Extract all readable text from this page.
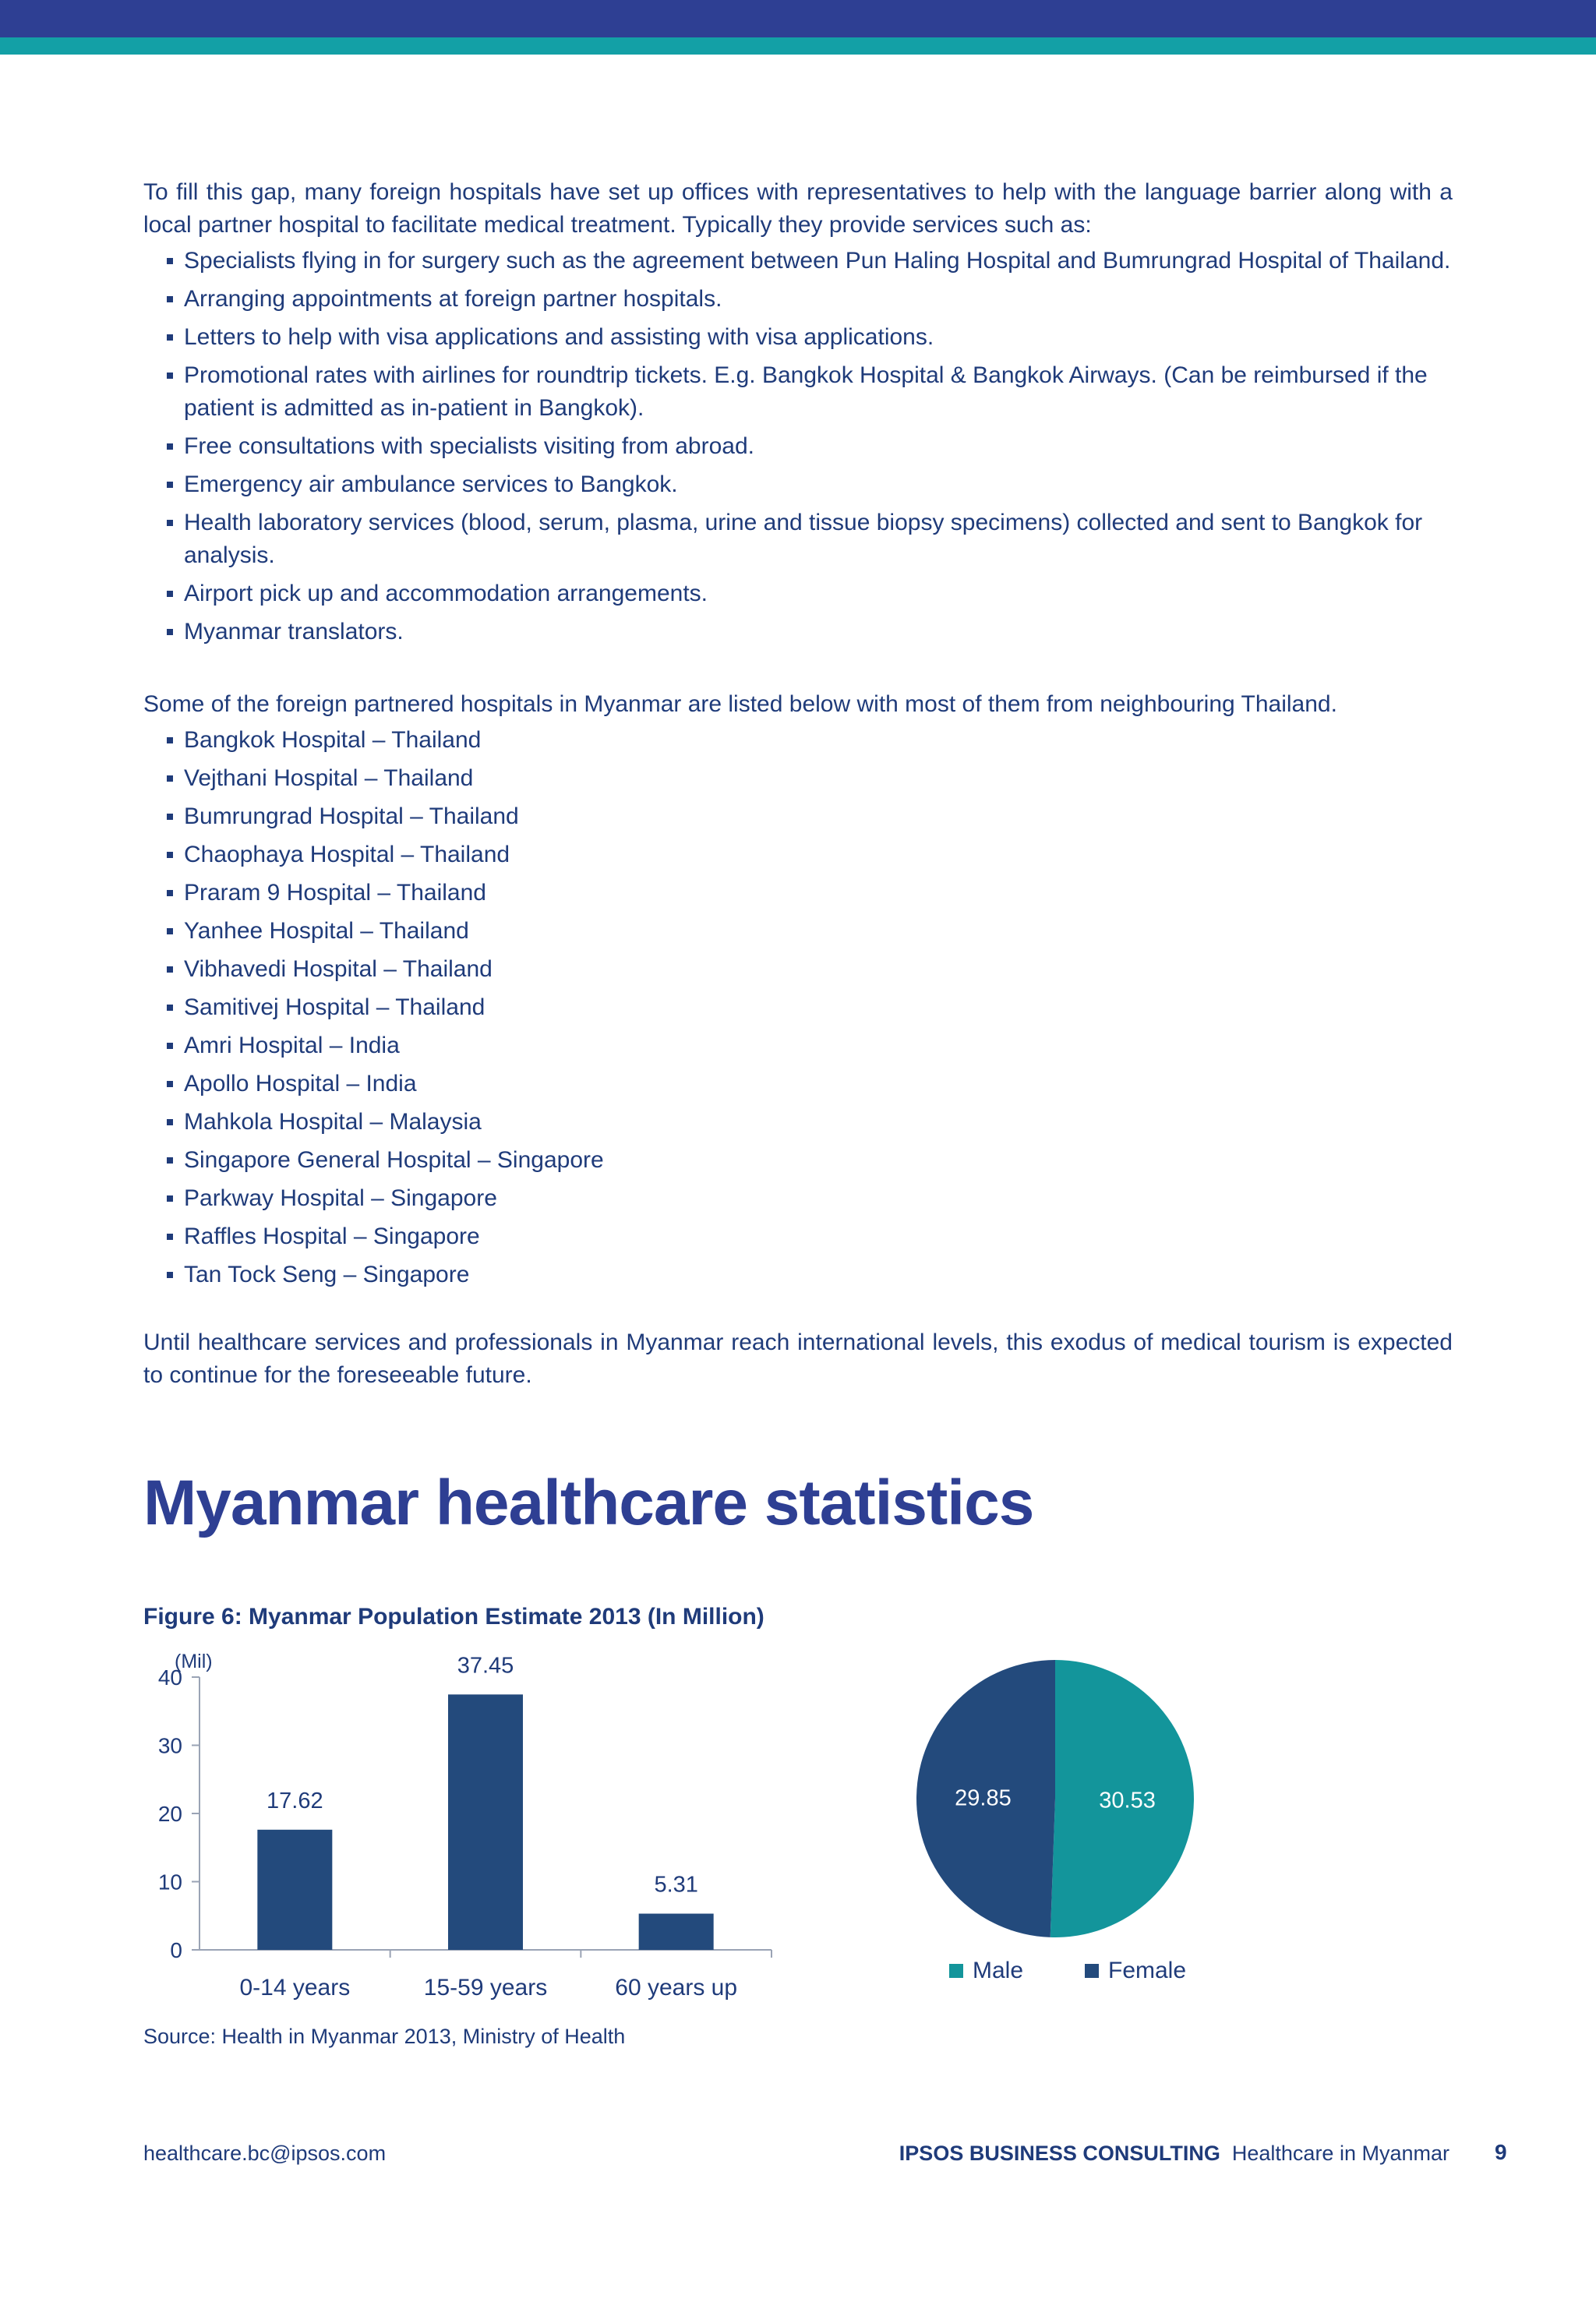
To fill this gap, many foreign hospitals have set up offices with representatives to help with the language barrier along with a local partner hospital to facilitate medical treatment. Typically they provide services such as:

Specialists flying in for surgery such as the agreement between Pun Haling Hospital and Bumrungrad Hospital of Thailand.
Arranging appointments at foreign partner hospitals.
Letters to help with visa applications and assisting with visa applications.
Promotional rates with airlines for roundtrip tickets. E.g. Bangkok Hospital & Bangkok Airways. (Can be reimbursed if the patient is admitted as in-patient in Bangkok).
Free consultations with specialists visiting from abroad.
Emergency air ambulance services to Bangkok.
Health laboratory services (blood, serum, plasma, urine and tissue biopsy specimens) collected and sent to Bangkok for analysis.
Airport pick up and accommodation arrangements.
Myanmar translators.

Some of the foreign partnered hospitals in Myanmar are listed below with most of them from neighbouring Thailand.

Bangkok Hospital – Thailand
Vejthani Hospital – Thailand
Bumrungrad Hospital – Thailand
Chaophaya Hospital – Thailand
Praram 9 Hospital – Thailand
Yanhee Hospital – Thailand
Vibhavedi Hospital – Thailand
Samitivej Hospital – Thailand
Amri Hospital – India
Apollo Hospital – India
Mahkola Hospital – Malaysia
Singapore General Hospital – Singapore
Parkway Hospital – Singapore
Raffles Hospital – Singapore
Tan Tock Seng – Singapore

Until healthcare services and professionals in Myanmar reach international levels, this exodus of medical tourism is expected to continue for the foreseeable future.

Myanmar healthcare statistics
Figure 6: Myanmar Population Estimate 2013 (In Million)
0
10
20
30
40
(Mil)
17.62
0-14 years
37.45
15-59 years
5.31
60 years up
30.53
29.85
Male	Female
Source: Health in Myanmar 2013, Ministry of Health
healthcare.bc@ipsos.com	IPSOS BUSINESS CONSULTING Healthcare in Myanmar 9
